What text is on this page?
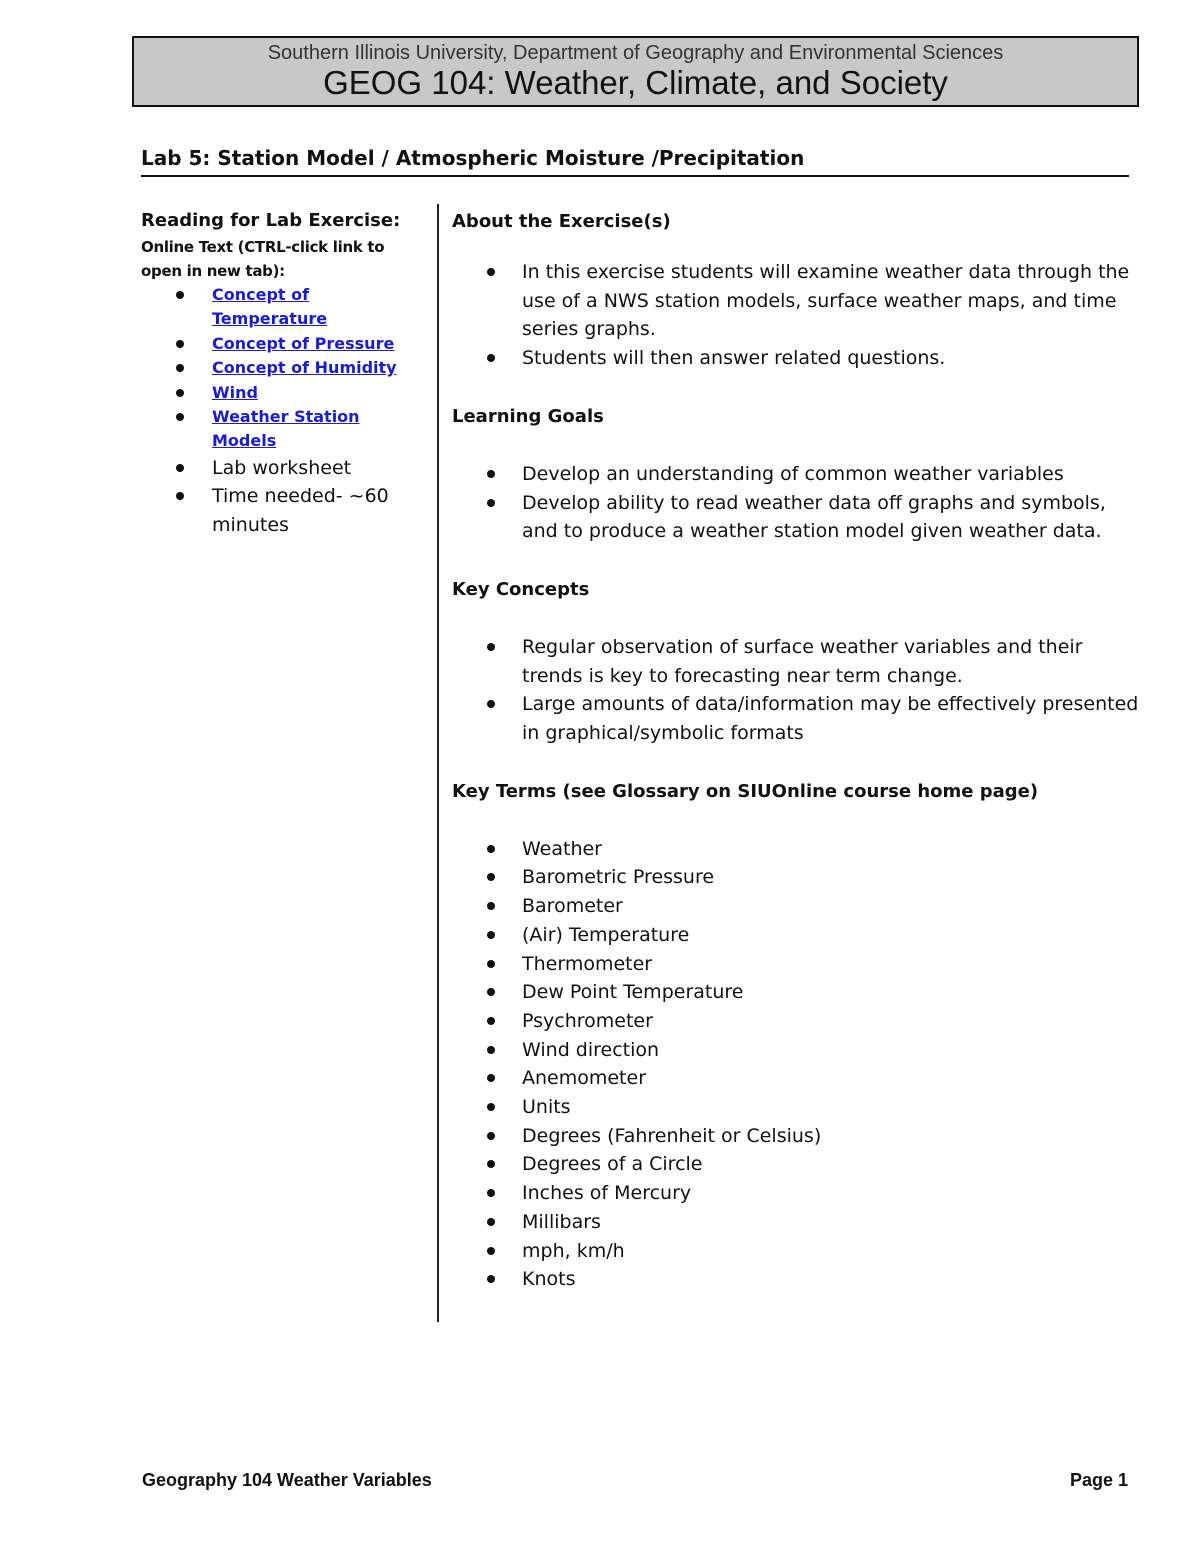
Southern Illinois University, Department of Geography and Environmental Sciences
GEOG 104: Weather, Climate, and Society
Lab 5: Station Model / Atmospheric Moisture /Precipitation
Reading for Lab Exercise:
Online Text (CTRL-click link to open in new tab):
Concept of Temperature
Concept of Pressure
Concept of Humidity
Wind
Weather Station Models
Lab worksheet
Time needed- ~60 minutes
About the Exercise(s)
In this exercise students will examine weather data through the use of a NWS station models, surface weather maps, and time series graphs.
Students will then answer related questions.
Learning Goals
Develop an understanding of common weather variables
Develop ability to read weather data off graphs and symbols, and to produce a weather station model given weather data.
Key Concepts
Regular observation of surface weather variables and their trends is key to forecasting near term change.
Large amounts of data/information may be effectively presented in graphical/symbolic formats
Key Terms (see Glossary on SIUOnline course home page)
Weather
Barometric Pressure
Barometer
(Air) Temperature
Thermometer
Dew Point Temperature
Psychrometer
Wind direction
Anemometer
Units
Degrees (Fahrenheit or Celsius)
Degrees of a Circle
Inches of Mercury
Millibars
mph, km/h
Knots
Geography 104 Weather Variables	Page 1
